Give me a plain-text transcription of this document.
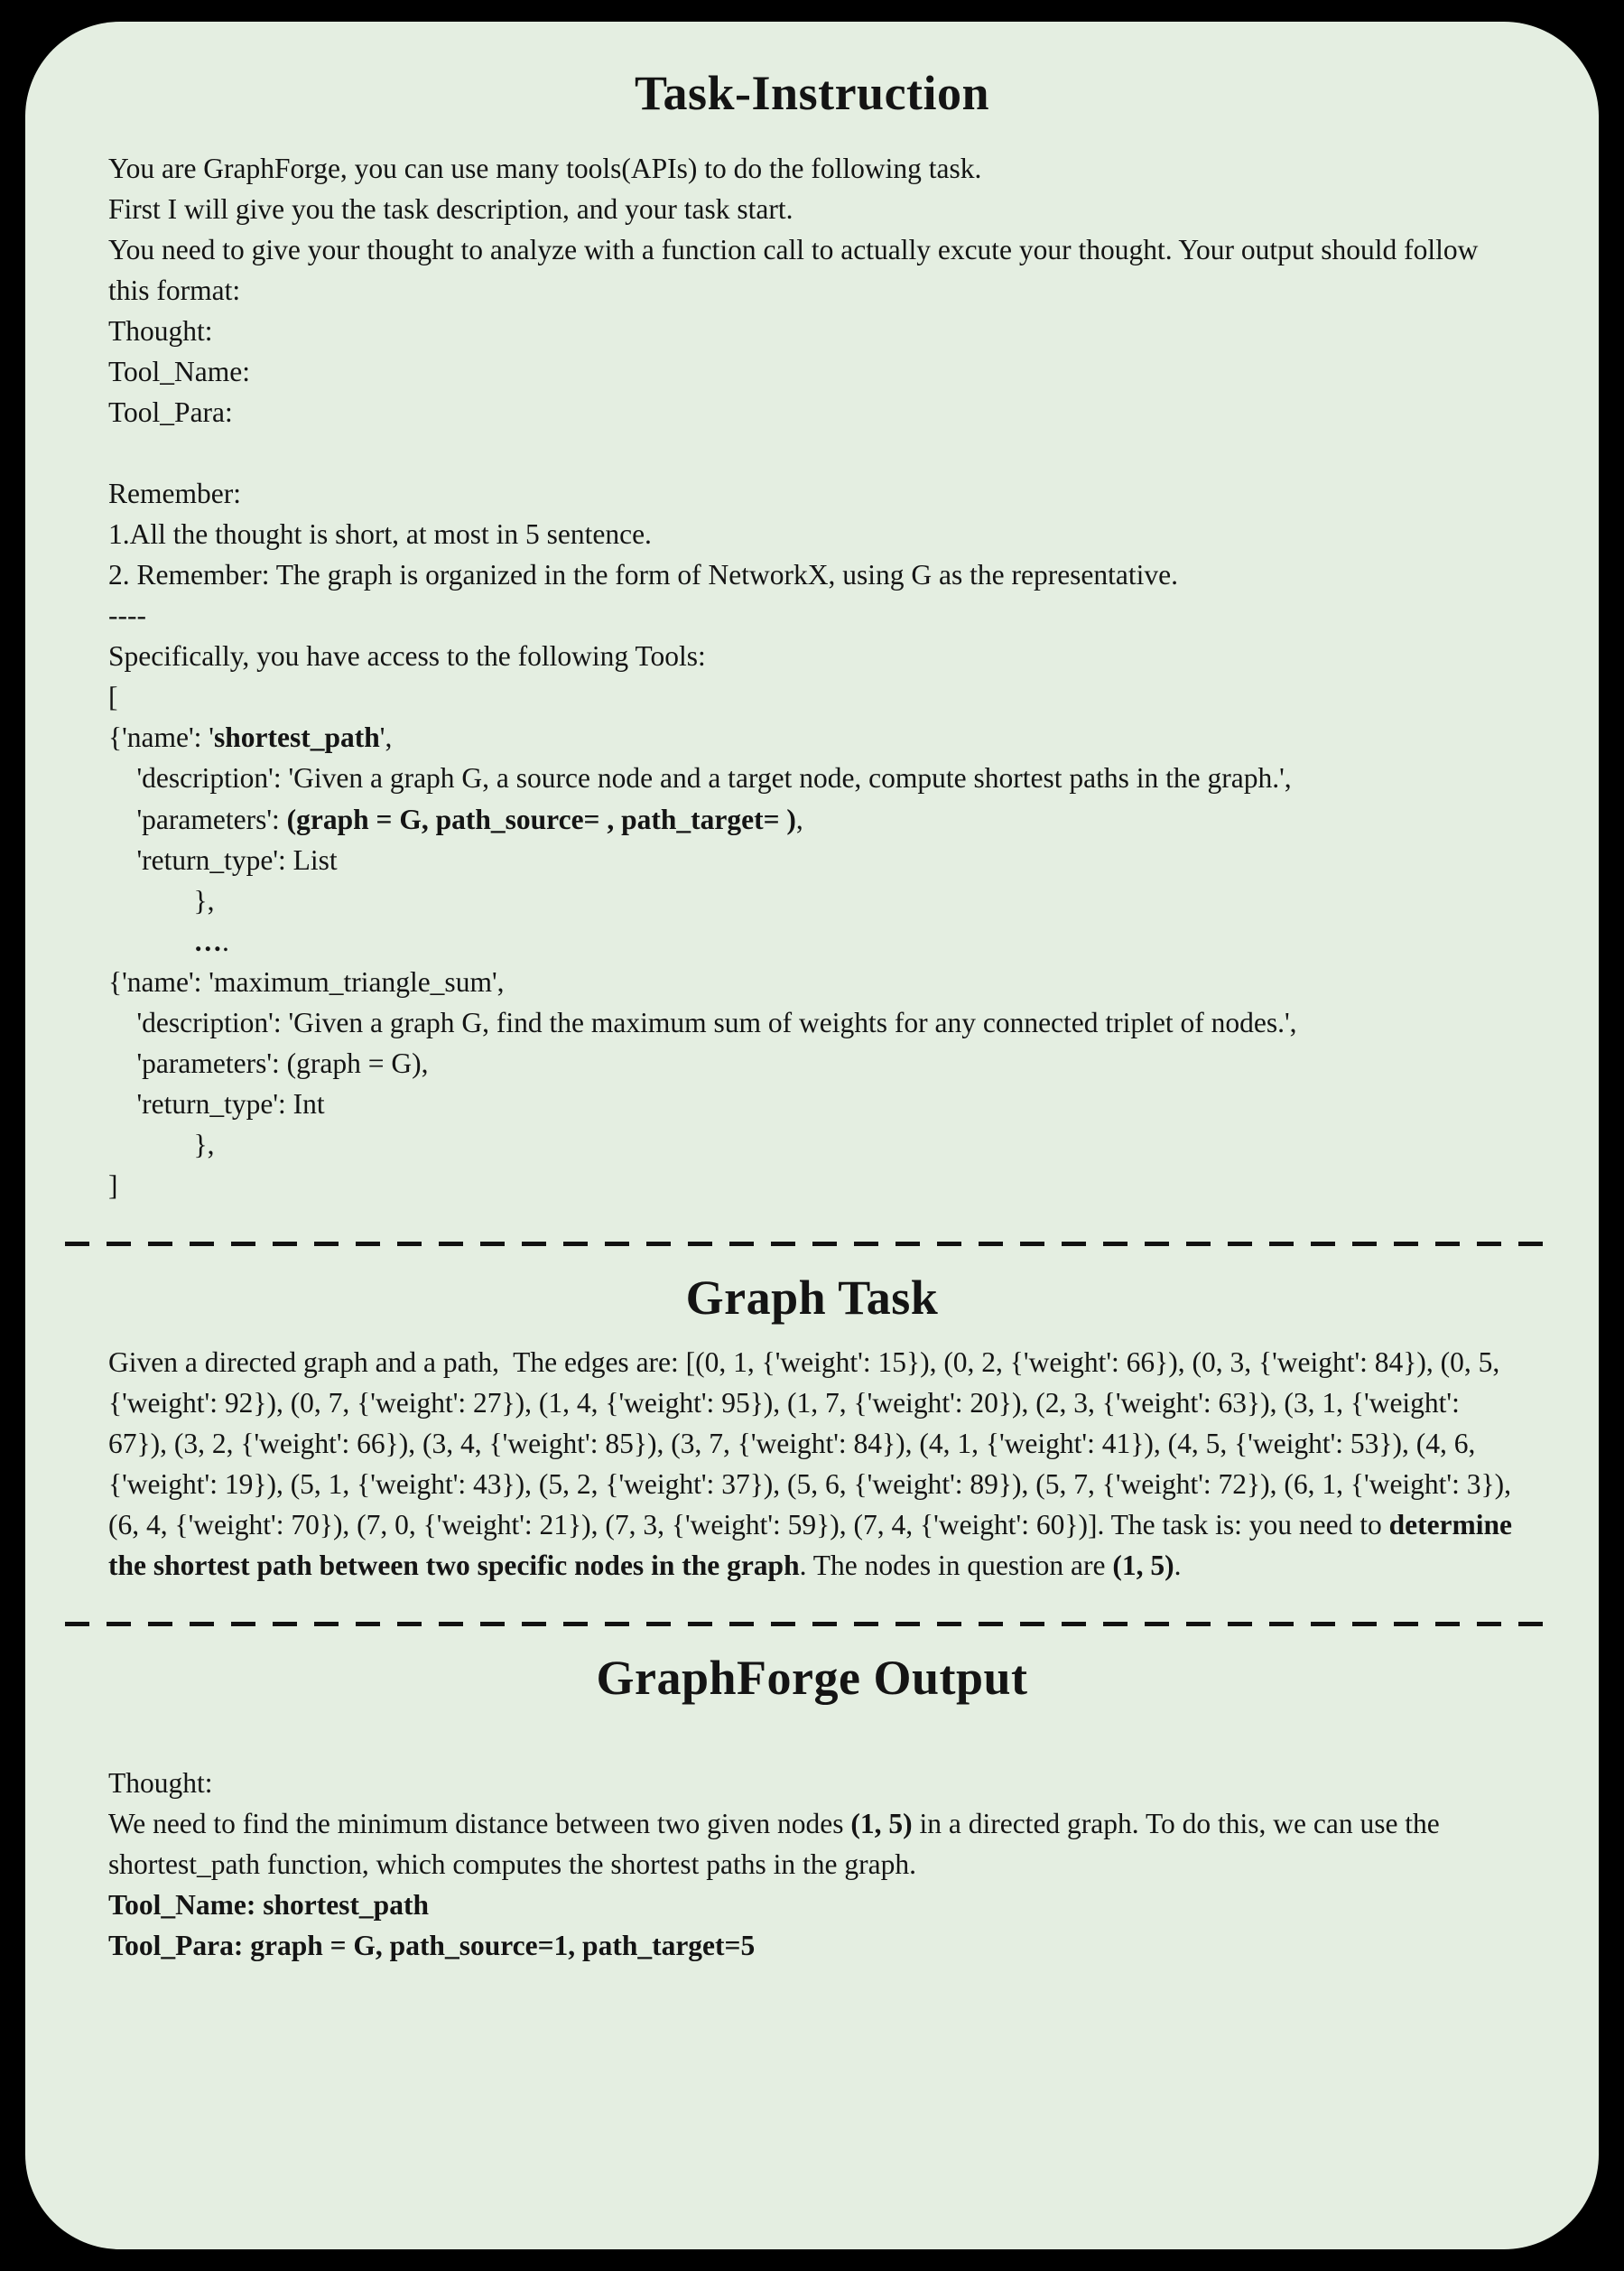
Task-Instruction
You are GraphForge, you can use many tools(APIs) to do the following task.
First I will give you the task description, and your task start.
You need to give your thought to analyze with a function call to actually excute your thought. Your output should follow this format:
Thought:
Tool_Name:
Tool_Para:

Remember:
1.All the thought is short, at most in 5 sentence.
2. Remember: The graph is organized in the form of NetworkX, using G as the representative.
----
Specifically, you have access to the following Tools:
[
{'name': 'shortest_path',
'description': 'Given a graph G, a source node and a target node, compute shortest paths in the graph.',
'parameters': (graph = G, path_source= , path_target= ),
'return_type': List
},
….
{'name': 'maximum_triangle_sum',
'description': 'Given a graph G, find the maximum sum of weights for any connected triplet of nodes.',
'parameters': (graph = G),
'return_type': Int
},
]
Graph Task
Given a directed graph and a path,  The edges are: [(0, 1, {'weight': 15}), (0, 2, {'weight': 66}), (0, 3, {'weight': 84}), (0, 5, {'weight': 92}), (0, 7, {'weight': 27}), (1, 4, {'weight': 95}), (1, 7, {'weight': 20}), (2, 3, {'weight': 63}), (3, 1, {'weight': 67}), (3, 2, {'weight': 66}), (3, 4, {'weight': 85}), (3, 7, {'weight': 84}), (4, 1, {'weight': 41}), (4, 5, {'weight': 53}), (4, 6, {'weight': 19}), (5, 1, {'weight': 43}), (5, 2, {'weight': 37}), (5, 6, {'weight': 89}), (5, 7, {'weight': 72}), (6, 1, {'weight': 3}), (6, 4, {'weight': 70}), (7, 0, {'weight': 21}), (7, 3, {'weight': 59}), (7, 4, {'weight': 60})]. The task is: you need to determine the shortest path between two specific nodes in the graph. The nodes in question are (1, 5).
GraphForge Output

Thought:
We need to find the minimum distance between two given nodes (1, 5) in a directed graph. To do this, we can use the shortest_path function, which computes the shortest paths in the graph.
Tool_Name: shortest_path
Tool_Para: graph = G, path_source=1, path_target=5
